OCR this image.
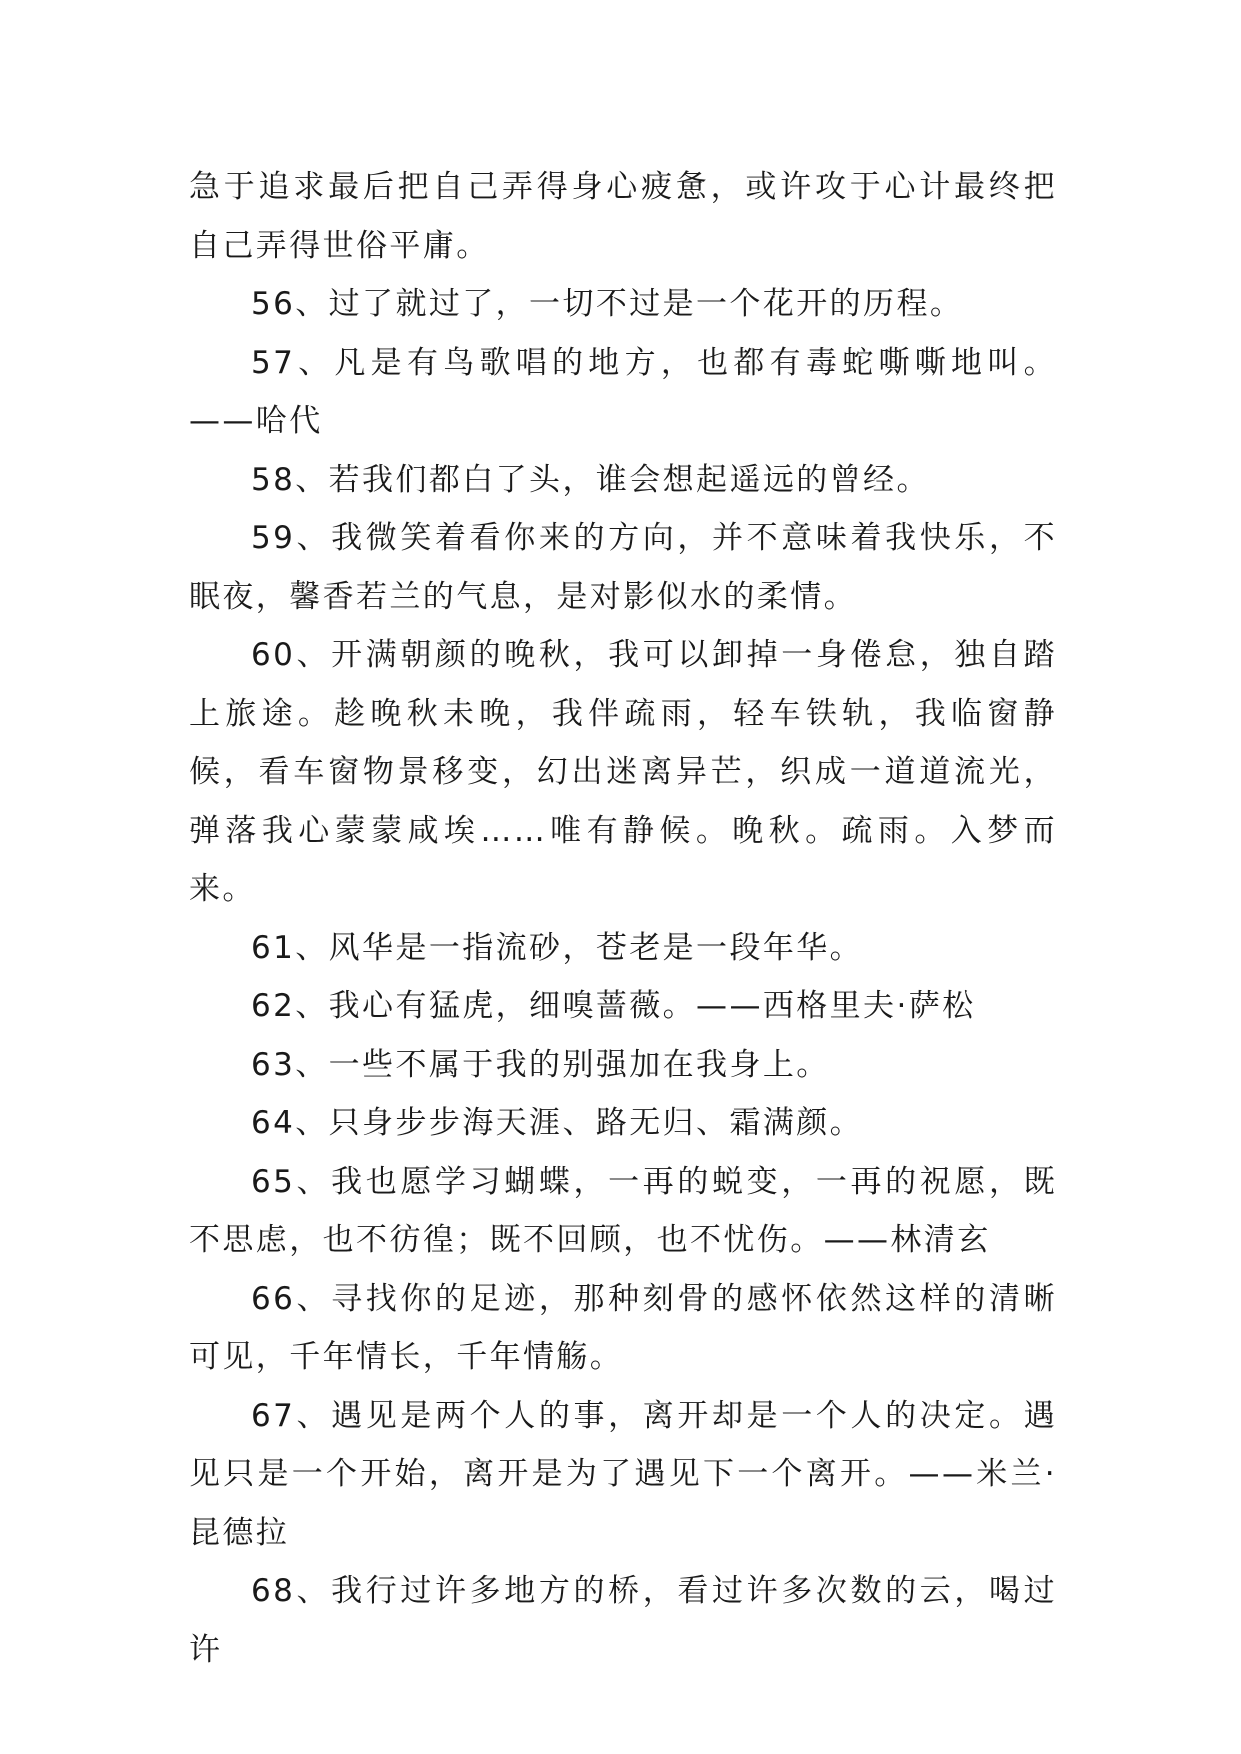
急于追求最后把自己弄得身心疲惫，或许攻于心计最终把自己弄得世俗平庸。

56、过了就过了，一切不过是一个花开的历程。

57、凡是有鸟歌唱的地方，也都有毒蛇嘶嘶地叫。——哈代

58、若我们都白了头，谁会想起遥远的曾经。

59、我微笑着看你来的方向，并不意味着我快乐，不眠夜，馨香若兰的气息，是对影似水的柔情。

60、开满朝颜的晚秋，我可以卸掉一身倦怠，独自踏上旅途。趁晚秋未晚，我伴疏雨，轻车铁轨，我临窗静候，看车窗物景移变，幻出迷离异芒，织成一道道流光，弹落我心蒙蒙咸埃……唯有静候。晚秋。疏雨。入梦而来。

61、风华是一指流砂，苍老是一段年华。

62、我心有猛虎，细嗅蔷薇。——西格里夫·萨松

63、一些不属于我的别强加在我身上。

64、只身步步海天涯、路无归、霜满颜。

65、我也愿学习蝴蝶，一再的蜕变，一再的祝愿，既不思虑，也不彷徨；既不回顾，也不忧伤。——林清玄

66、寻找你的足迹，那种刻骨的感怀依然这样的清晰可见，千年情长，千年情觞。

67、遇见是两个人的事，离开却是一个人的决定。遇见只是一个开始，离开是为了遇见下一个离开。——米兰·昆德拉

68、我行过许多地方的桥，看过许多次数的云，喝过许
